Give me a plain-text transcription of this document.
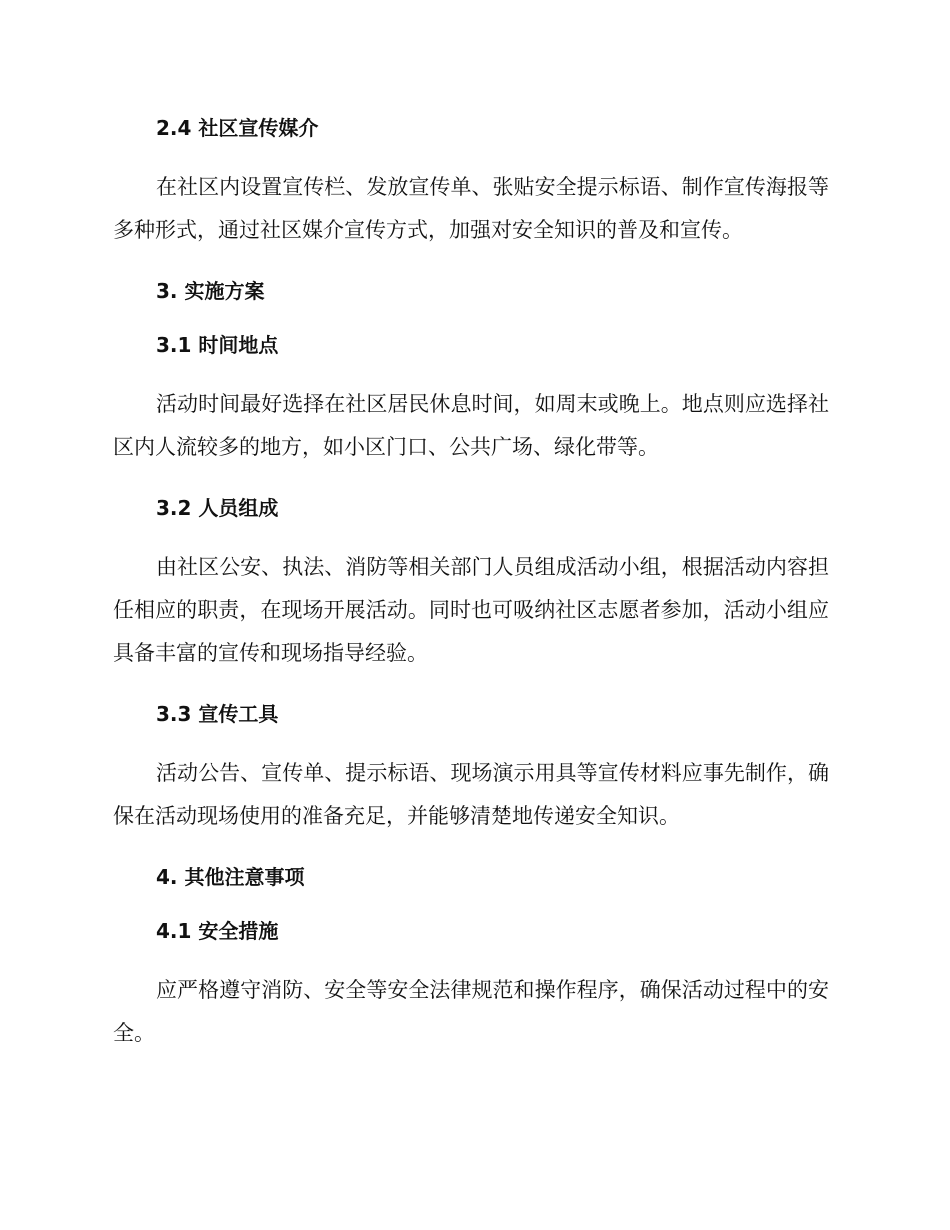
2.4 社区宣传媒介

在社区内设置宣传栏、发放宣传单、张贴安全提示标语、制作宣传海报等多种形式，通过社区媒介宣传方式，加强对安全知识的普及和宣传。

3. 实施方案
3.1 时间地点

活动时间最好选择在社区居民休息时间，如周末或晚上。地点则应选择社区内人流较多的地方，如小区门口、公共广场、绿化带等。

3.2 人员组成

由社区公安、执法、消防等相关部门人员组成活动小组，根据活动内容担任相应的职责，在现场开展活动。同时也可吸纳社区志愿者参加，活动小组应具备丰富的宣传和现场指导经验。

3.3 宣传工具

活动公告、宣传单、提示标语、现场演示用具等宣传材料应事先制作，确保在活动现场使用的准备充足，并能够清楚地传递安全知识。

4. 其他注意事项
4.1 安全措施

应严格遵守消防、安全等安全法律规范和操作程序，确保活动过程中的安全。
